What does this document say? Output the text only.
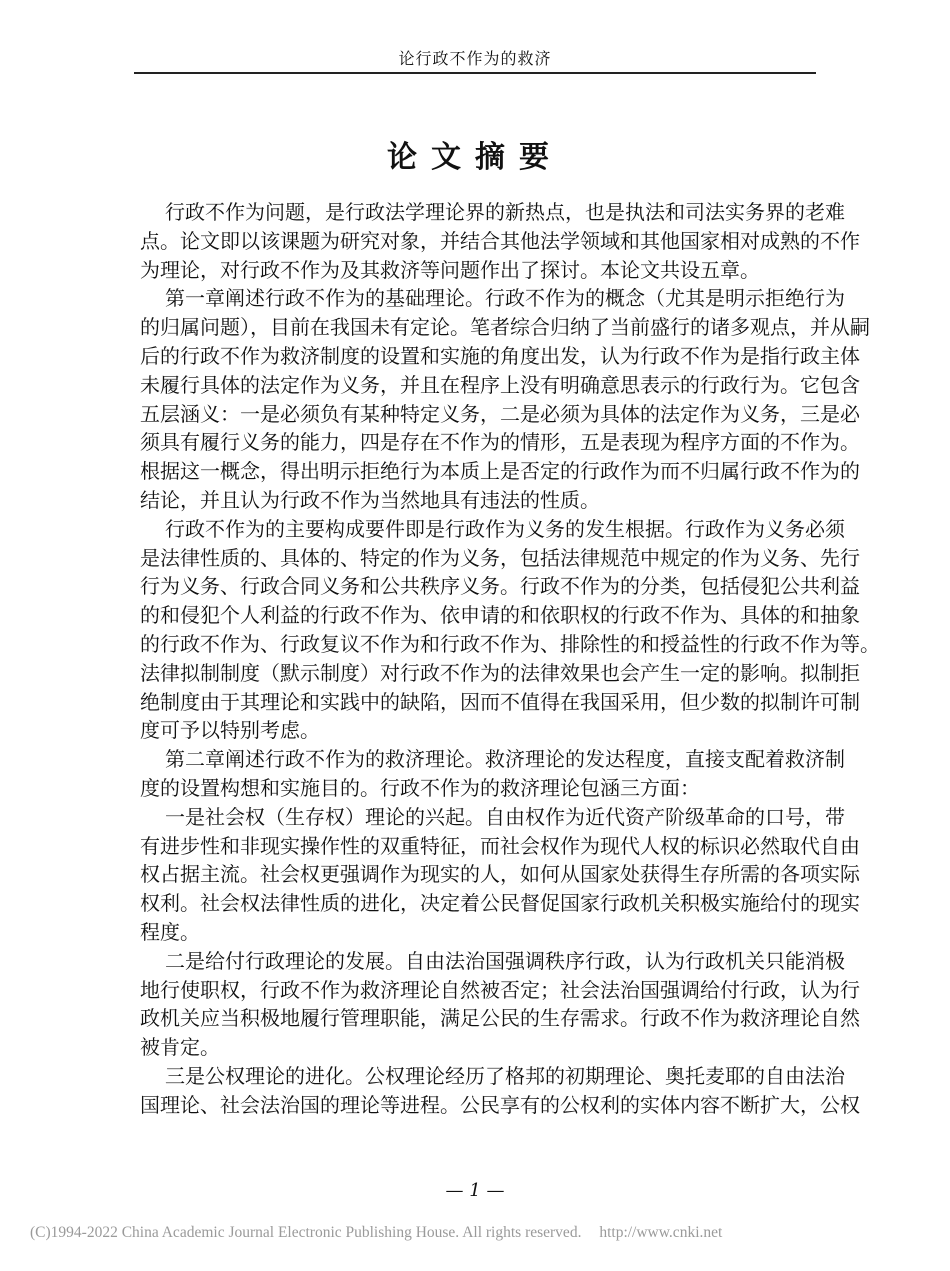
论行政不作为的救济
论文摘要
行政不作为问题，是行政法学理论界的新热点，也是执法和司法实务界的老难
点。论文即以该课题为研究对象，并结合其他法学领域和其他国家相对成熟的不作
为理论，对行政不作为及其救济等问题作出了探讨。本论文共设五章。
第一章阐述行政不作为的基础理论。行政不作为的概念（尤其是明示拒绝行为
的归属问题），目前在我国未有定论。笔者综合归纳了当前盛行的诸多观点，并从嗣
后的行政不作为救济制度的设置和实施的角度出发，认为行政不作为是指行政主体
未履行具体的法定作为义务，并且在程序上没有明确意思表示的行政行为。它包含
五层涵义：一是必须负有某种特定义务，二是必须为具体的法定作为义务，三是必
须具有履行义务的能力，四是存在不作为的情形，五是表现为程序方面的不作为。
根据这一概念，得出明示拒绝行为本质上是否定的行政作为而不归属行政不作为的
结论，并且认为行政不作为当然地具有违法的性质。
行政不作为的主要构成要件即是行政作为义务的发生根据。行政作为义务必须
是法律性质的、具体的、特定的作为义务，包括法律规范中规定的作为义务、先行
行为义务、行政合同义务和公共秩序义务。行政不作为的分类，包括侵犯公共利益
的和侵犯个人利益的行政不作为、依申请的和依职权的行政不作为、具体的和抽象
的行政不作为、行政复议不作为和行政不作为、排除性的和授益性的行政不作为等。
法律拟制制度（默示制度）对行政不作为的法律效果也会产生一定的影响。拟制拒
绝制度由于其理论和实践中的缺陷，因而不值得在我国采用，但少数的拟制许可制
度可予以特别考虑。
第二章阐述行政不作为的救济理论。救济理论的发达程度，直接支配着救济制
度的设置构想和实施目的。行政不作为的救济理论包涵三方面：
一是社会权（生存权）理论的兴起。自由权作为近代资产阶级革命的口号，带
有进步性和非现实操作性的双重特征，而社会权作为现代人权的标识必然取代自由
权占据主流。社会权更强调作为现实的人，如何从国家处获得生存所需的各项实际
权利。社会权法律性质的进化，决定着公民督促国家行政机关积极实施给付的现实
程度。
二是给付行政理论的发展。自由法治国强调秩序行政，认为行政机关只能消极
地行使职权，行政不作为救济理论自然被否定；社会法治国强调给付行政，认为行
政机关应当积极地履行管理职能，满足公民的生存需求。行政不作为救济理论自然
被肯定。
三是公权理论的进化。公权理论经历了格邦的初期理论、奥托麦耶的自由法治
国理论、社会法治国的理论等进程。公民享有的公权利的实体内容不断扩大，公权
— 1 —
(C)1994-2022 China Academic Journal Electronic Publishing House. All rights reserved. http://www.cnki.net
